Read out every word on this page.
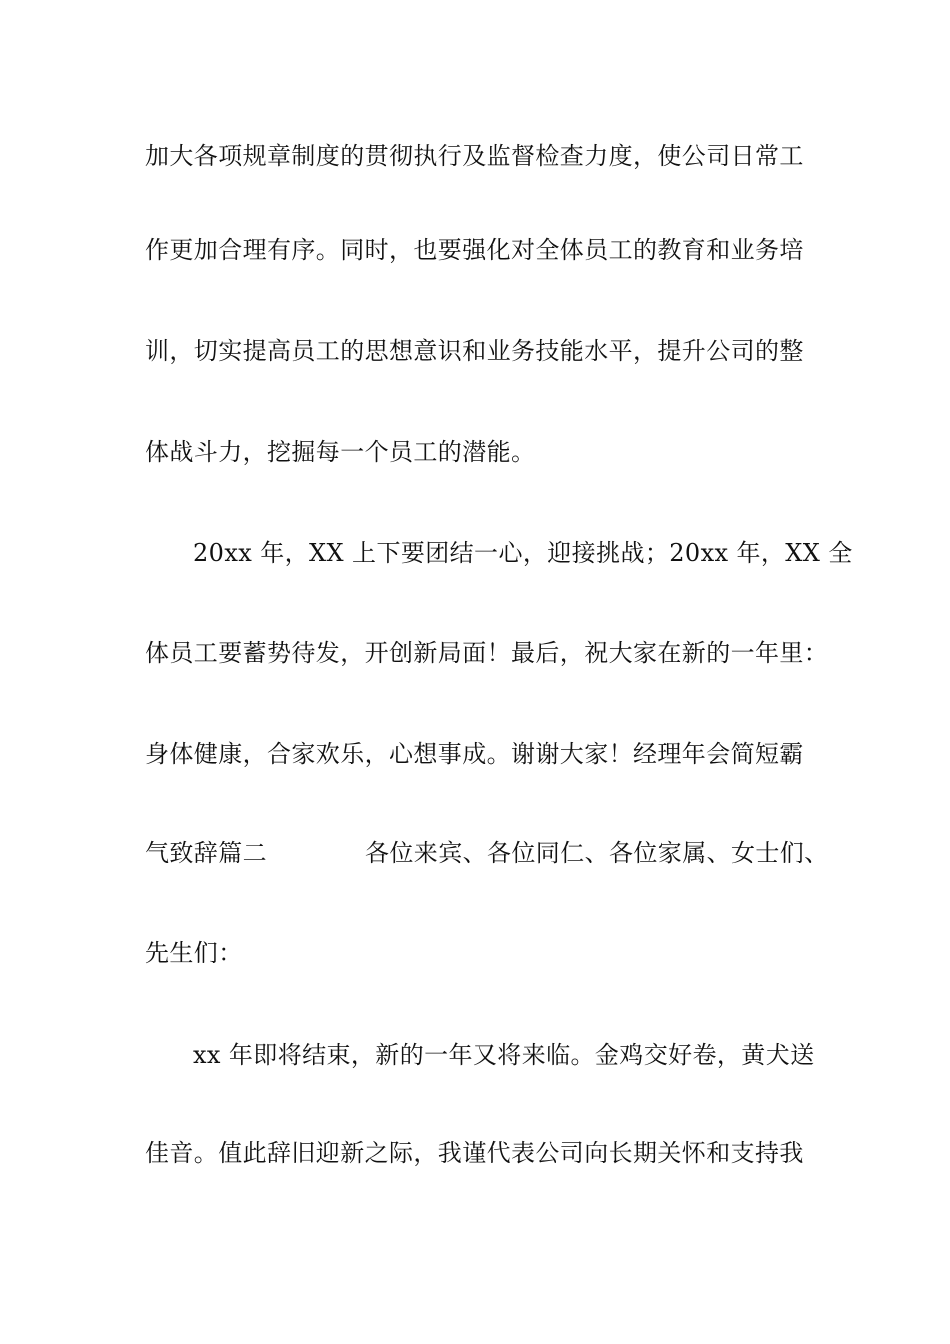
加大各项规章制度的贯彻执行及监督检查力度，使公司日常工
作更加合理有序。同时，也要强化对全体员工的教育和业务培
训，切实提高员工的思想意识和业务技能水平，提升公司的整
体战斗力，挖掘每一个员工的潜能。
20xx 年，XX 上下要团结一心，迎接挑战；20xx 年，XX 全
体员工要蓄势待发，开创新局面！最后，祝大家在新的一年里：
身体健康，合家欢乐，心想事成。谢谢大家！经理年会简短霸
气致辞篇二	各位来宾、各位同仁、各位家属、女士们、
先生们：
xx 年即将结束，新的一年又将来临。金鸡交好卷，黄犬送
佳音。值此辞旧迎新之际，我谨代表公司向长期关怀和支持我
